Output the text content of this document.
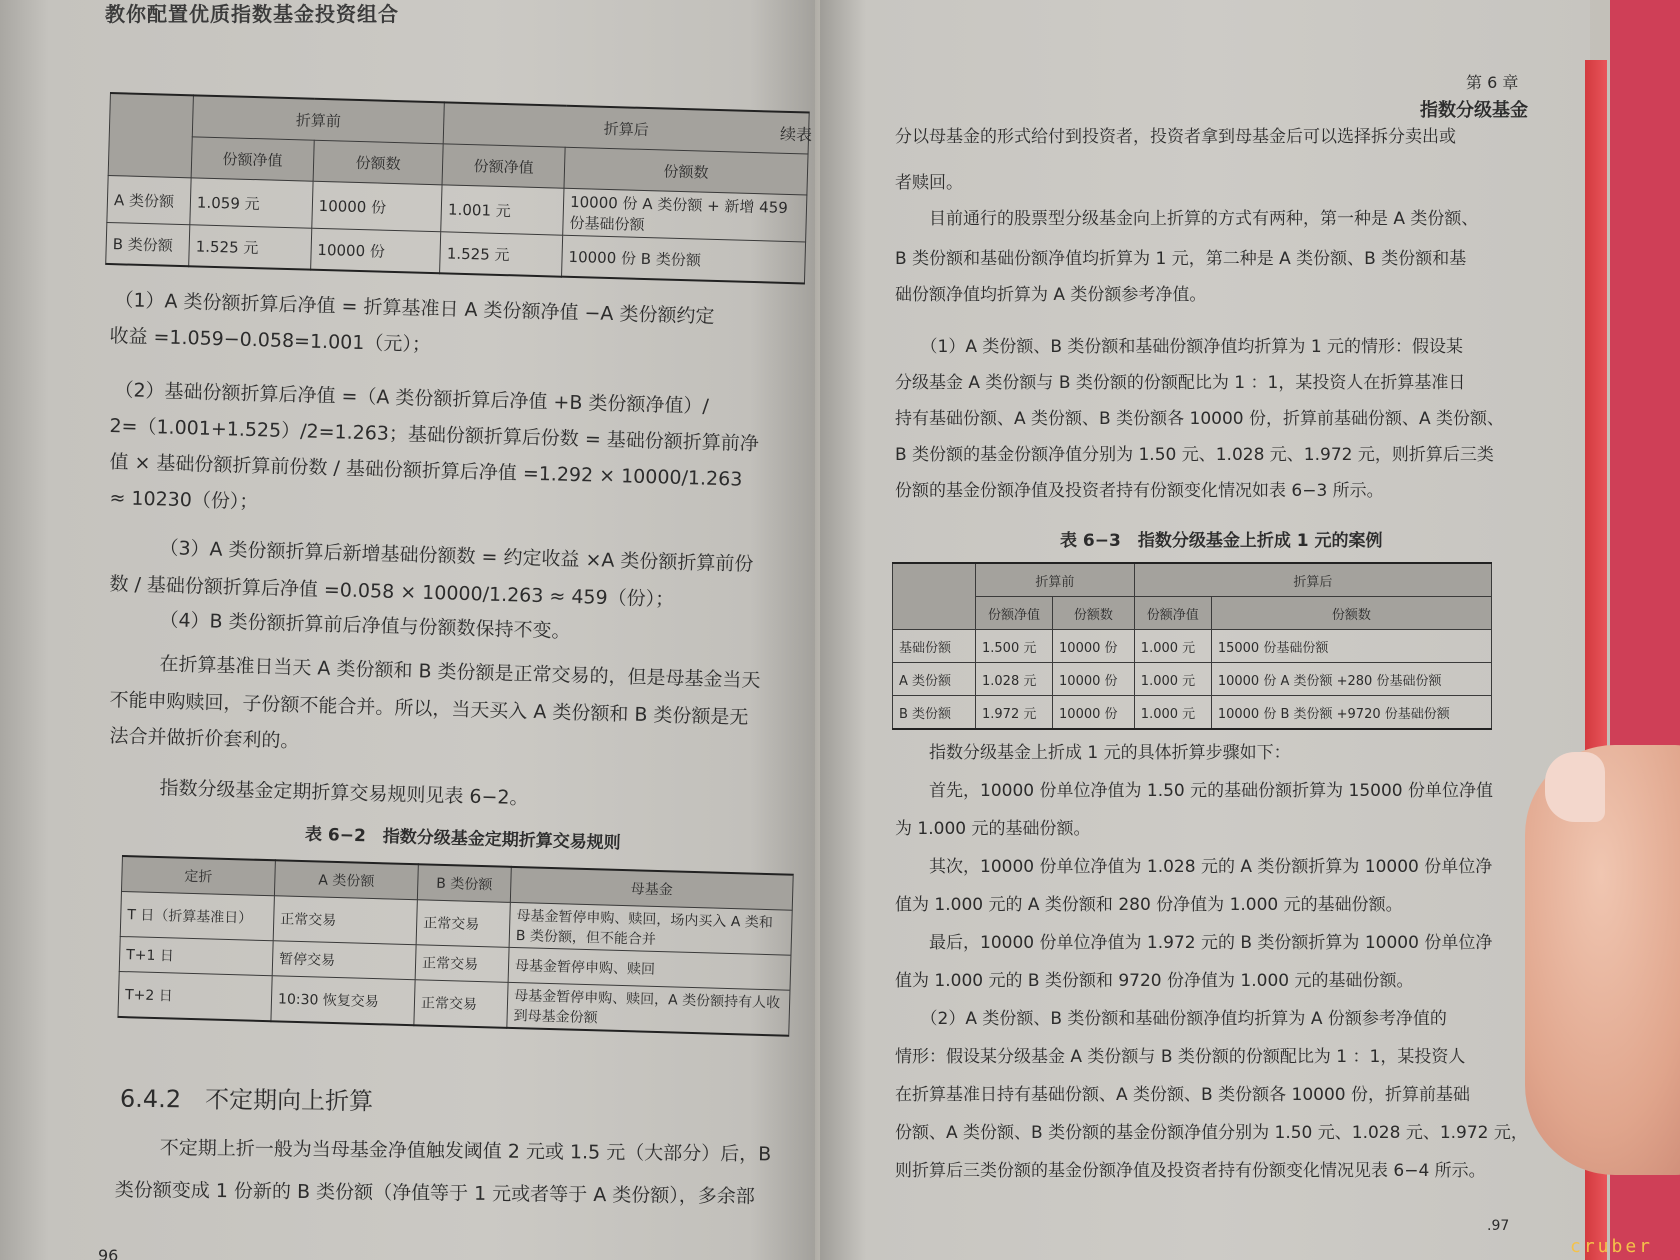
教你配置优质指数基金投资组合
	折算前		折算后	
	份额净值	份额数	份额净值	份额数
A 类份额	1.059 元	10000 份	1.001 元	10000 份 A 类份额 + 新增 459 份基础份额
B 类份额	1.525 元	10000 份	1.525 元	10000 份 B 类份额
续表
（1）A 类份额折算后净值 = 折算基准日 A 类份额净值 −A 类份额约定
收益 =1.059−0.058=1.001（元）；
（2）基础份额折算后净值 =（A 类份额折算后净值 +B 类份额净值）/
2=（1.001+1.525）/2=1.263；基础份额折算后份数 = 基础份额折算前净
值 × 基础份额折算前份数 / 基础份额折算后净值 =1.292 × 10000/1.263
≈ 10230（份）；
（3）A 类份额折算后新增基础份额数 = 约定收益 ×A 类份额折算前份
数 / 基础份额折算后净值 =0.058 × 10000/1.263 ≈ 459（份）；
（4）B 类份额折算前后净值与份额数保持不变。
在折算基准日当天 A 类份额和 B 类份额是正常交易的，但是母基金当天
不能申购赎回，子份额不能合并。所以，当天买入 A 类份额和 B 类份额是无
法合并做折价套利的。
指数分级基金定期折算交易规则见表 6−2。
表 6−2　指数分级基金定期折算交易规则
定折	A 类份额	B 类份额	母基金
T 日（折算基准日）	正常交易	正常交易	母基金暂停申购、赎回，场内买入 A 类和 B 类份额，但不能合并
T+1 日	暂停交易	正常交易	母基金暂停申购、赎回
T+2 日	10:30 恢复交易	正常交易	母基金暂停申购、赎回，A 类份额持有人收到母基金份额
6.4.2　不定期向上折算
不定期上折一般为当母基金净值触发阈值 2 元或 1.5 元（大部分）后，B
类份额变成 1 份新的 B 类份额（净值等于 1 元或者等于 A 类份额），多余部
96
第 6 章
指数分级基金
分以母基金的形式给付到投资者，投资者拿到母基金后可以选择拆分卖出或
者赎回。
　　目前通行的股票型分级基金向上折算的方式有两种，第一种是 A 类份额、
B 类份额和基础份额净值均折算为 1 元，第二种是 A 类份额、B 类份额和基
础份额净值均折算为 A 类份额参考净值。
　　（1）A 类份额、B 类份额和基础份额净值均折算为 1 元的情形：假设某
分级基金 A 类份额与 B 类份额的份额配比为 1 ：1，某投资人在折算基准日
持有基础份额、A 类份额、B 类份额各 10000 份，折算前基础份额、A 类份额、
B 类份额的基金份额净值分别为 1.50 元、1.028 元、1.972 元，则折算后三类
份额的基金份额净值及投资者持有份额变化情况如表 6−3 所示。
表 6−3　指数分级基金上折成 1 元的案例
	折算前		折算后	
	份额净值	份额数	份额净值	份额数
基础份额	1.500 元	10000 份	1.000 元	15000 份基础份额
A 类份额	1.028 元	10000 份	1.000 元	10000 份 A 类份额 +280 份基础份额
B 类份额	1.972 元	10000 份	1.000 元	10000 份 B 类份额 +9720 份基础份额
　　指数分级基金上折成 1 元的具体折算步骤如下：
　　首先，10000 份单位净值为 1.50 元的基础份额折算为 15000 份单位净值
为 1.000 元的基础份额。
　　其次，10000 份单位净值为 1.028 元的 A 类份额折算为 10000 份单位净
值为 1.000 元的 A 类份额和 280 份净值为 1.000 元的基础份额。
　　最后，10000 份单位净值为 1.972 元的 B 类份额折算为 10000 份单位净
值为 1.000 元的 B 类份额和 9720 份净值为 1.000 元的基础份额。
　　（2）A 类份额、B 类份额和基础份额净值均折算为 A 份额参考净值的
情形：假设某分级基金 A 类份额与 B 类份额的份额配比为 1 ：1，某投资人
在折算基准日持有基础份额、A 类份额、B 类份额各 10000 份，折算前基础
份额、A 类份额、B 类份额的基金份额净值分别为 1.50 元、1.028 元、1.972 元，
则折算后三类份额的基金份额净值及投资者持有份额变化情况见表 6−4 所示。
.97
cruber
